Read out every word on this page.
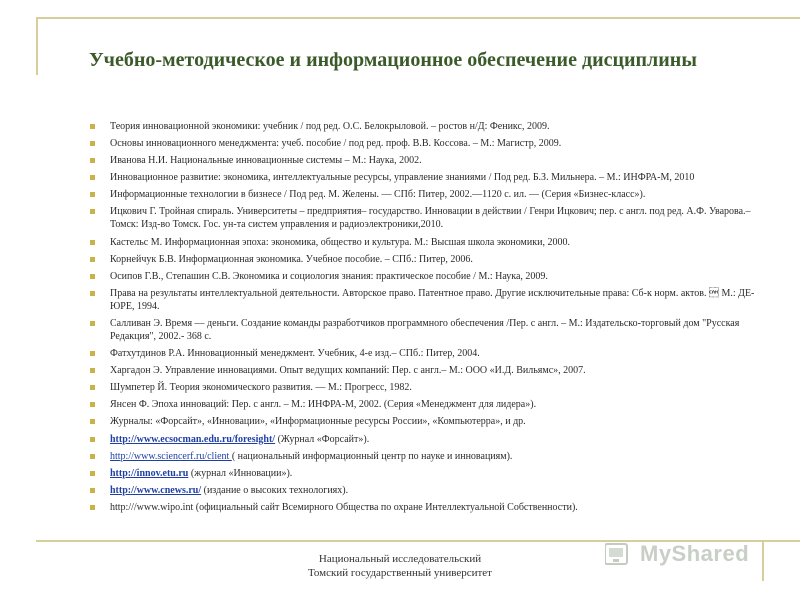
Учебно-методическое и информационное обеспечение дисциплины
Теория инновационной экономики: учебник / под ред. О.С. Белокрыловой. – ростов н/Д: Феникс, 2009.
Основы инновационного менеджмента: учеб. пособие / под ред. проф. В.В. Коссова. – М.: Магистр, 2009.
Иванова Н.И. Национальные инновационные системы – М.: Наука, 2002.
Инновационное развитие: экономика, интеллектуальные ресурсы, управление знаниями / Под ред. Б.З. Мильнера. – М.: ИНФРА-М, 2010
Информационные технологии в бизнесе / Под ред. М. Желены. — СПб: Питер, 2002.—1120 с. ил. — (Серия «Бизнес-класс»).
Ицкович Г. Тройная спираль. Университеты – предприятия– государство. Инновации в действии / Генри Ицкович; пер. с англ. под ред. А.Ф. Уварова.– Томск: Изд-во Томск. Гос. ун-та систем управления и радиоэлектроники,2010.
Кастельс М. Информационная эпоха: экономика, общество и культура. М.: Высшая школа экономики, 2000.
Корнейчук Б.В. Информационная экономика. Учебное пособие. – СПб.: Питер, 2006.
Осипов Г.В., Степашин С.В. Экономика и социология знания: практическое пособие / М.: Наука, 2009.
Права на результаты интеллектуальной деятельности. Авторское право. Патентное право. Другие исключительные права: Сб-к норм. актов.  М.: ДЕ-ЮРЕ, 1994.
Салливан Э. Время — деньги. Создание команды разработчиков программного обеспечения /Пер. с англ. – М.: Издательско-торговый дом "Русская Редакция", 2002.- 368 с.
Фатхутдинов Р.А. Инновационный менеджмент. Учебник, 4-е изд.– СПб.: Питер, 2004.
Харгадон Э. Управление инновациями. Опыт ведущих компаний: Пер. с англ.– М.: ООО «И.Д. Вильямс», 2007.
Шумпетер Й. Теория экономического развития. — М.: Прогресс, 1982.
Янсен Ф. Эпоха инноваций: Пер. с англ. – М.: ИНФРА-М, 2002. (Серия «Менеджмент для лидера»).
Журналы: «Форсайт», «Инновации», «Информационные ресурсы России», «Компьютерра», и др.
http://www.ecsocman.edu.ru/foresight/ (Журнал «Форсайт»).
http://www.sciencerf.ru/client ( национальный информационный центр по науке и инновациям).
http://innov.etu.ru (журнал «Инновации»).
http://www.cnews.ru/ (издание о высоких технологиях).
http:///www.wipo.int (официальный сайт Всемирного Общества по охране Интеллектуальной Собственности).
Национальный исследовательский
Томский государственный университет
MyShared
